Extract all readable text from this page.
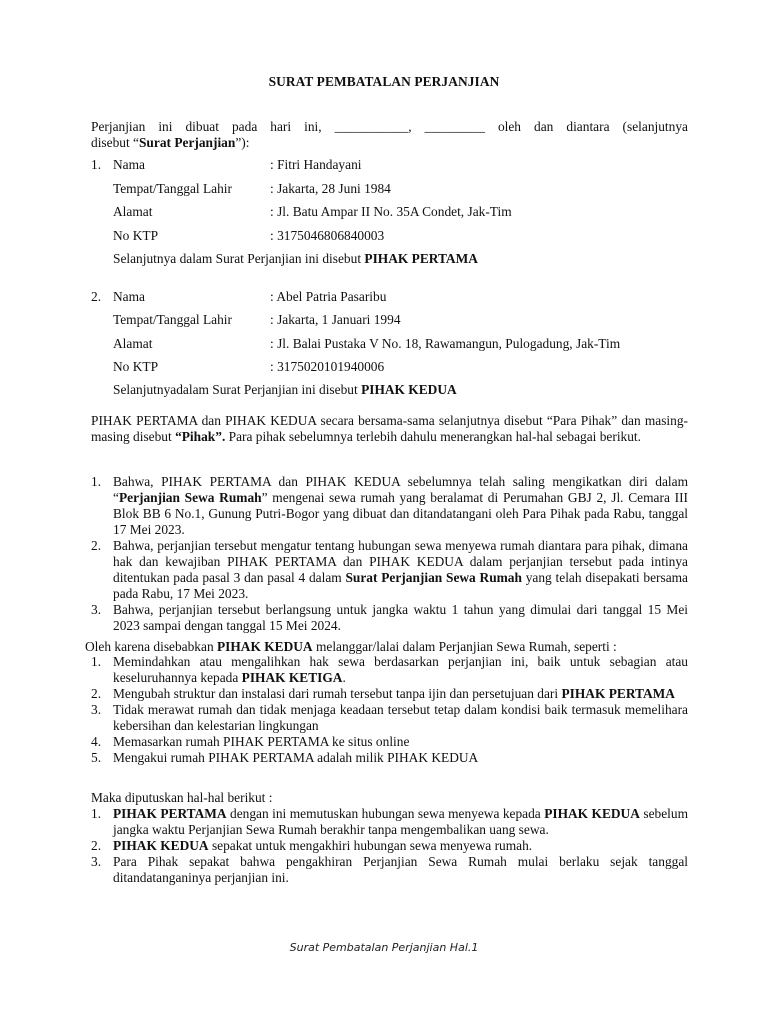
SURAT PEMBATALAN PERJANJIAN
Perjanjian ini dibuat pada hari ini, ___________, _________ oleh dan diantara (selanjutnya
disebut “Surat Perjanjian”):
1. Nama	: Fitri Handayani
Tempat/Tanggal Lahir	: Jakarta, 28 Juni 1984
Alamat	: Jl. Batu Ampar II No. 35A Condet, Jak-Tim
No KTP	: 3175046806840003
Selanjutnya dalam Surat Perjanjian ini disebut PIHAK PERTAMA
2. Nama	: Abel Patria Pasaribu
Tempat/Tanggal Lahir	: Jakarta, 1 Januari 1994
Alamat	: Jl. Balai Pustaka V No. 18, Rawamangun, Pulogadung, Jak-Tim
No KTP	: 3175020101940006
Selanjutnyadalam Surat Perjanjian ini disebut PIHAK KEDUA
PIHAK PERTAMA dan PIHAK KEDUA secara bersama-sama selanjutnya disebut “Para Pihak” dan masing-masing disebut “Pihak”. Para pihak sebelumnya terlebih dahulu menerangkan hal-hal sebagai berikut.
1. Bahwa, PIHAK PERTAMA dan PIHAK KEDUA sebelumnya telah saling mengikatkan diri dalam “Perjanjian Sewa Rumah” mengenai sewa rumah yang beralamat di Perumahan GBJ 2, Jl. Cemara III Blok BB 6 No.1, Gunung Putri-Bogor yang dibuat dan ditandatangani oleh Para Pihak pada Rabu, tanggal 17 Mei 2023.
2. Bahwa, perjanjian tersebut mengatur tentang hubungan sewa menyewa rumah diantara para pihak, dimana hak dan kewajiban PIHAK PERTAMA dan PIHAK KEDUA dalam perjanjian tersebut pada intinya ditentukan pada pasal 3 dan pasal 4 dalam Surat Perjanjian Sewa Rumah yang telah disepakati bersama pada Rabu, 17 Mei 2023.
3. Bahwa, perjanjian tersebut berlangsung untuk jangka waktu 1 tahun yang dimulai dari tanggal 15 Mei 2023 sampai dengan tanggal 15 Mei 2024.
Oleh karena disebabkan PIHAK KEDUA melanggar/lalai dalam Perjanjian Sewa Rumah, seperti :
1. Memindahkan atau mengalihkan hak sewa berdasarkan perjanjian ini, baik untuk sebagian atau keseluruhannya kepada PIHAK KETIGA.
2. Mengubah struktur dan instalasi dari rumah tersebut tanpa ijin dan persetujuan dari PIHAK PERTAMA
3. Tidak merawat rumah dan tidak menjaga keadaan tersebut tetap dalam kondisi baik termasuk memelihara kebersihan dan kelestarian lingkungan
4. Memasarkan rumah PIHAK PERTAMA ke situs online
5. Mengakui rumah PIHAK PERTAMA adalah milik PIHAK KEDUA
Maka diputuskan hal-hal berikut :
1. PIHAK PERTAMA dengan ini memutuskan hubungan sewa menyewa kepada PIHAK KEDUA sebelum jangka waktu Perjanjian Sewa Rumah berakhir tanpa mengembalikan uang sewa.
2. PIHAK KEDUA sepakat untuk mengakhiri hubungan sewa menyewa rumah.
3. Para Pihak sepakat bahwa pengakhiran Perjanjian Sewa Rumah mulai berlaku sejak tanggal ditandatanganinya perjanjian ini.
Surat Pembatalan Perjanjian Hal.1
